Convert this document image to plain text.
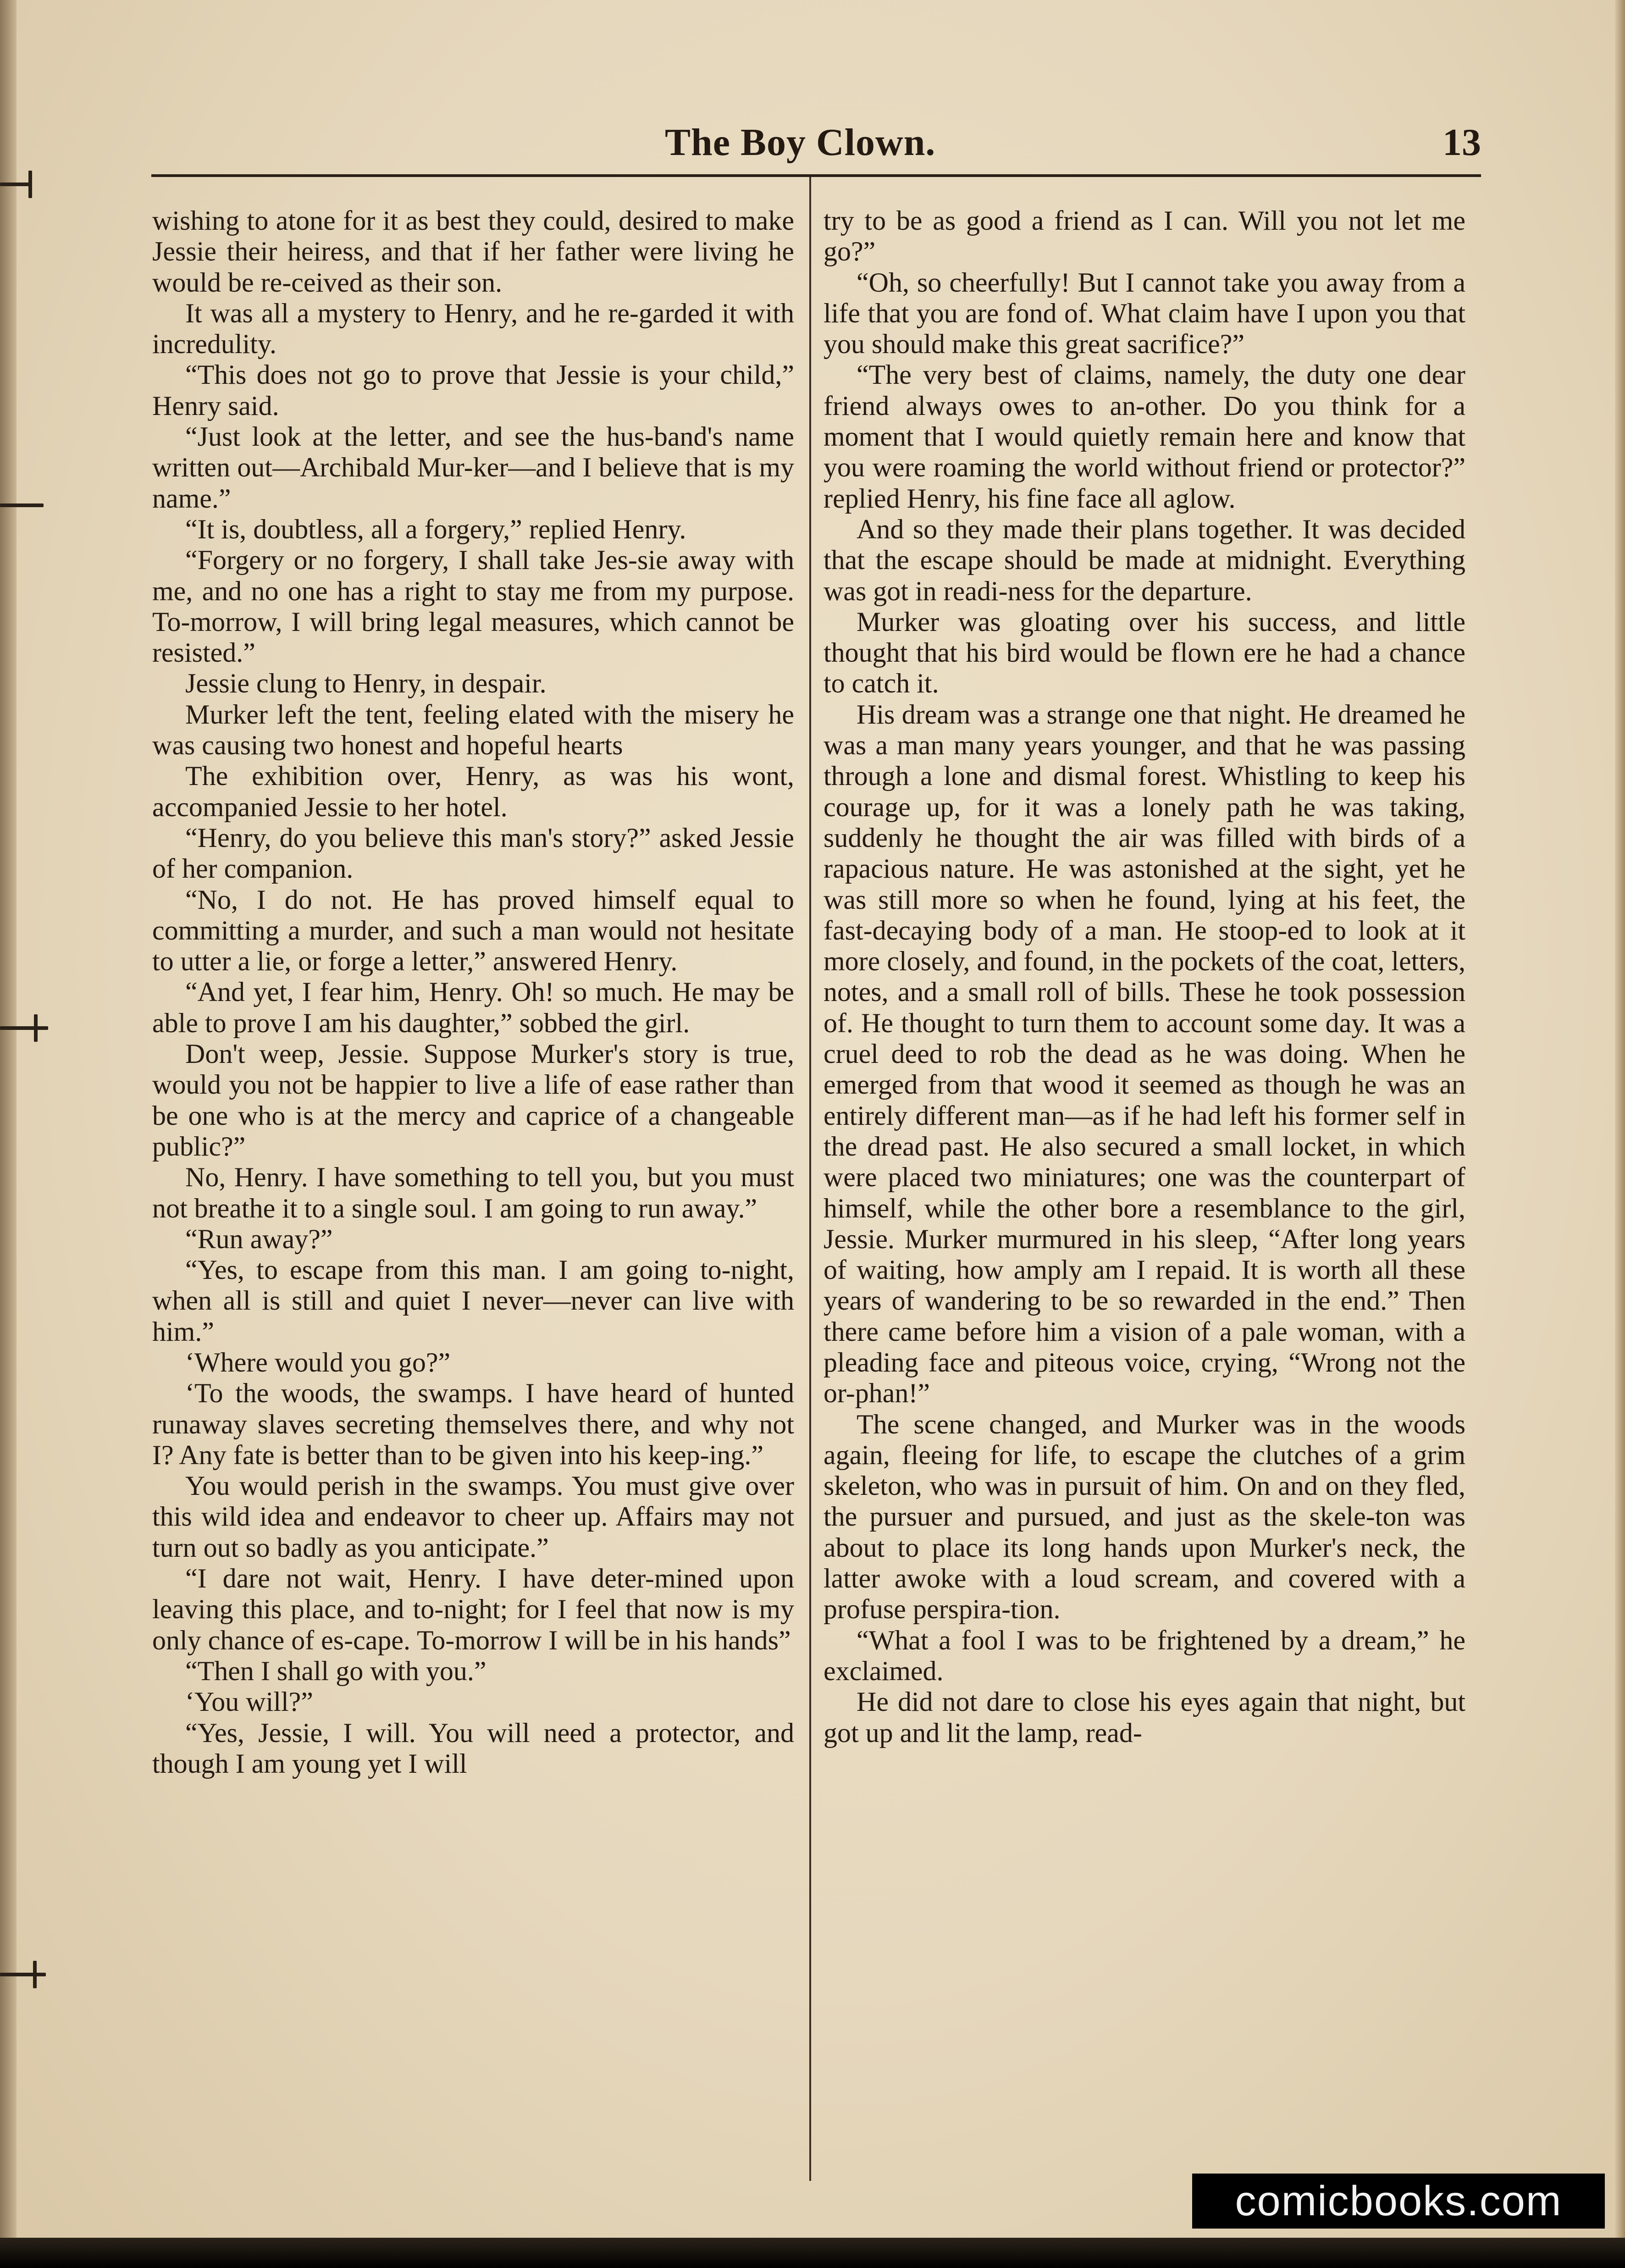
The Boy Clown.	13

wishing to atone for it as best they could, desired to make Jessie their heiress, and that if her father were living he would be re-ceived as their son.

It was all a mystery to Henry, and he re-garded it with incredulity.

“This does not go to prove that Jessie is your child,” Henry said.

“Just look at the letter, and see the hus-band's name written out—Archibald Mur-ker—and I believe that is my name.”

“It is, doubtless, all a forgery,” replied Henry.

“Forgery or no forgery, I shall take Jes-sie away with me, and no one has a right to stay me from my purpose. To-morrow, I will bring legal measures, which cannot be resisted.”

Jessie clung to Henry, in despair.

Murker left the tent, feeling elated with the misery he was causing two honest and hopeful hearts

The exhibition over, Henry, as was his wont, accompanied Jessie to her hotel.

“Henry, do you believe this man's story?” asked Jessie of her companion.

“No, I do not. He has proved himself equal to committing a murder, and such a man would not hesitate to utter a lie, or forge a letter,” answered Henry.

“And yet, I fear him, Henry. Oh! so much. He may be able to prove I am his daughter,” sobbed the girl.

Don't weep, Jessie. Suppose Murker's story is true, would you not be happier to live a life of ease rather than be one who is at the mercy and caprice of a changeable public?”

No, Henry. I have something to tell you, but you must not breathe it to a single soul. I am going to run away.”

“Run away?”

“Yes, to escape from this man. I am going to-night, when all is still and quiet I never—never can live with him.”

‘Where would you go?”

‘To the woods, the swamps. I have heard of hunted runaway slaves secreting themselves there, and why not I? Any fate is better than to be given into his keep-ing.”

You would perish in the swamps. You must give over this wild idea and endeavor to cheer up. Affairs may not turn out so badly as you anticipate.”

“I dare not wait, Henry. I have deter-mined upon leaving this place, and to-night; for I feel that now is my only chance of es-cape. To-morrow I will be in his hands”

“Then I shall go with you.”

‘You will?”

“Yes, Jessie, I will. You will need a protector, and though I am young yet I will

try to be as good a friend as I can. Will you not let me go?”

“Oh, so cheerfully! But I cannot take you away from a life that you are fond of. What claim have I upon you that you should make this great sacrifice?”

“The very best of claims, namely, the duty one dear friend always owes to an-other. Do you think for a moment that I would quietly remain here and know that you were roaming the world without friend or protector?” replied Henry, his fine face all aglow.

And so they made their plans together. It was decided that the escape should be made at midnight. Everything was got in readi-ness for the departure.

Murker was gloating over his success, and little thought that his bird would be flown ere he had a chance to catch it.

His dream was a strange one that night. He dreamed he was a man many years younger, and that he was passing through a lone and dismal forest. Whistling to keep his courage up, for it was a lonely path he was taking, suddenly he thought the air was filled with birds of a rapacious nature. He was astonished at the sight, yet he was still more so when he found, lying at his feet, the fast-decaying body of a man. He stoop-ed to look at it more closely, and found, in the pockets of the coat, letters, notes, and a small roll of bills. These he took possession of. He thought to turn them to account some day. It was a cruel deed to rob the dead as he was doing. When he emerged from that wood it seemed as though he was an entirely different man—as if he had left his former self in the dread past. He also secured a small locket, in which were placed two miniatures; one was the counterpart of himself, while the other bore a resemblance to the girl, Jessie. Murker murmured in his sleep, “After long years of waiting, how amply am I repaid. It is worth all these years of wandering to be so rewarded in the end.” Then there came before him a vision of a pale woman, with a pleading face and piteous voice, crying, “Wrong not the or-phan!”

The scene changed, and Murker was in the woods again, fleeing for life, to escape the clutches of a grim skeleton, who was in pursuit of him. On and on they fled, the pursuer and pursued, and just as the skele-ton was about to place its long hands upon Murker's neck, the latter awoke with a loud scream, and covered with a profuse perspira-tion.

“What a fool I was to be frightened by a dream,” he exclaimed.

He did not dare to close his eyes again that night, but got up and lit the lamp, read-

comicbooks.com
